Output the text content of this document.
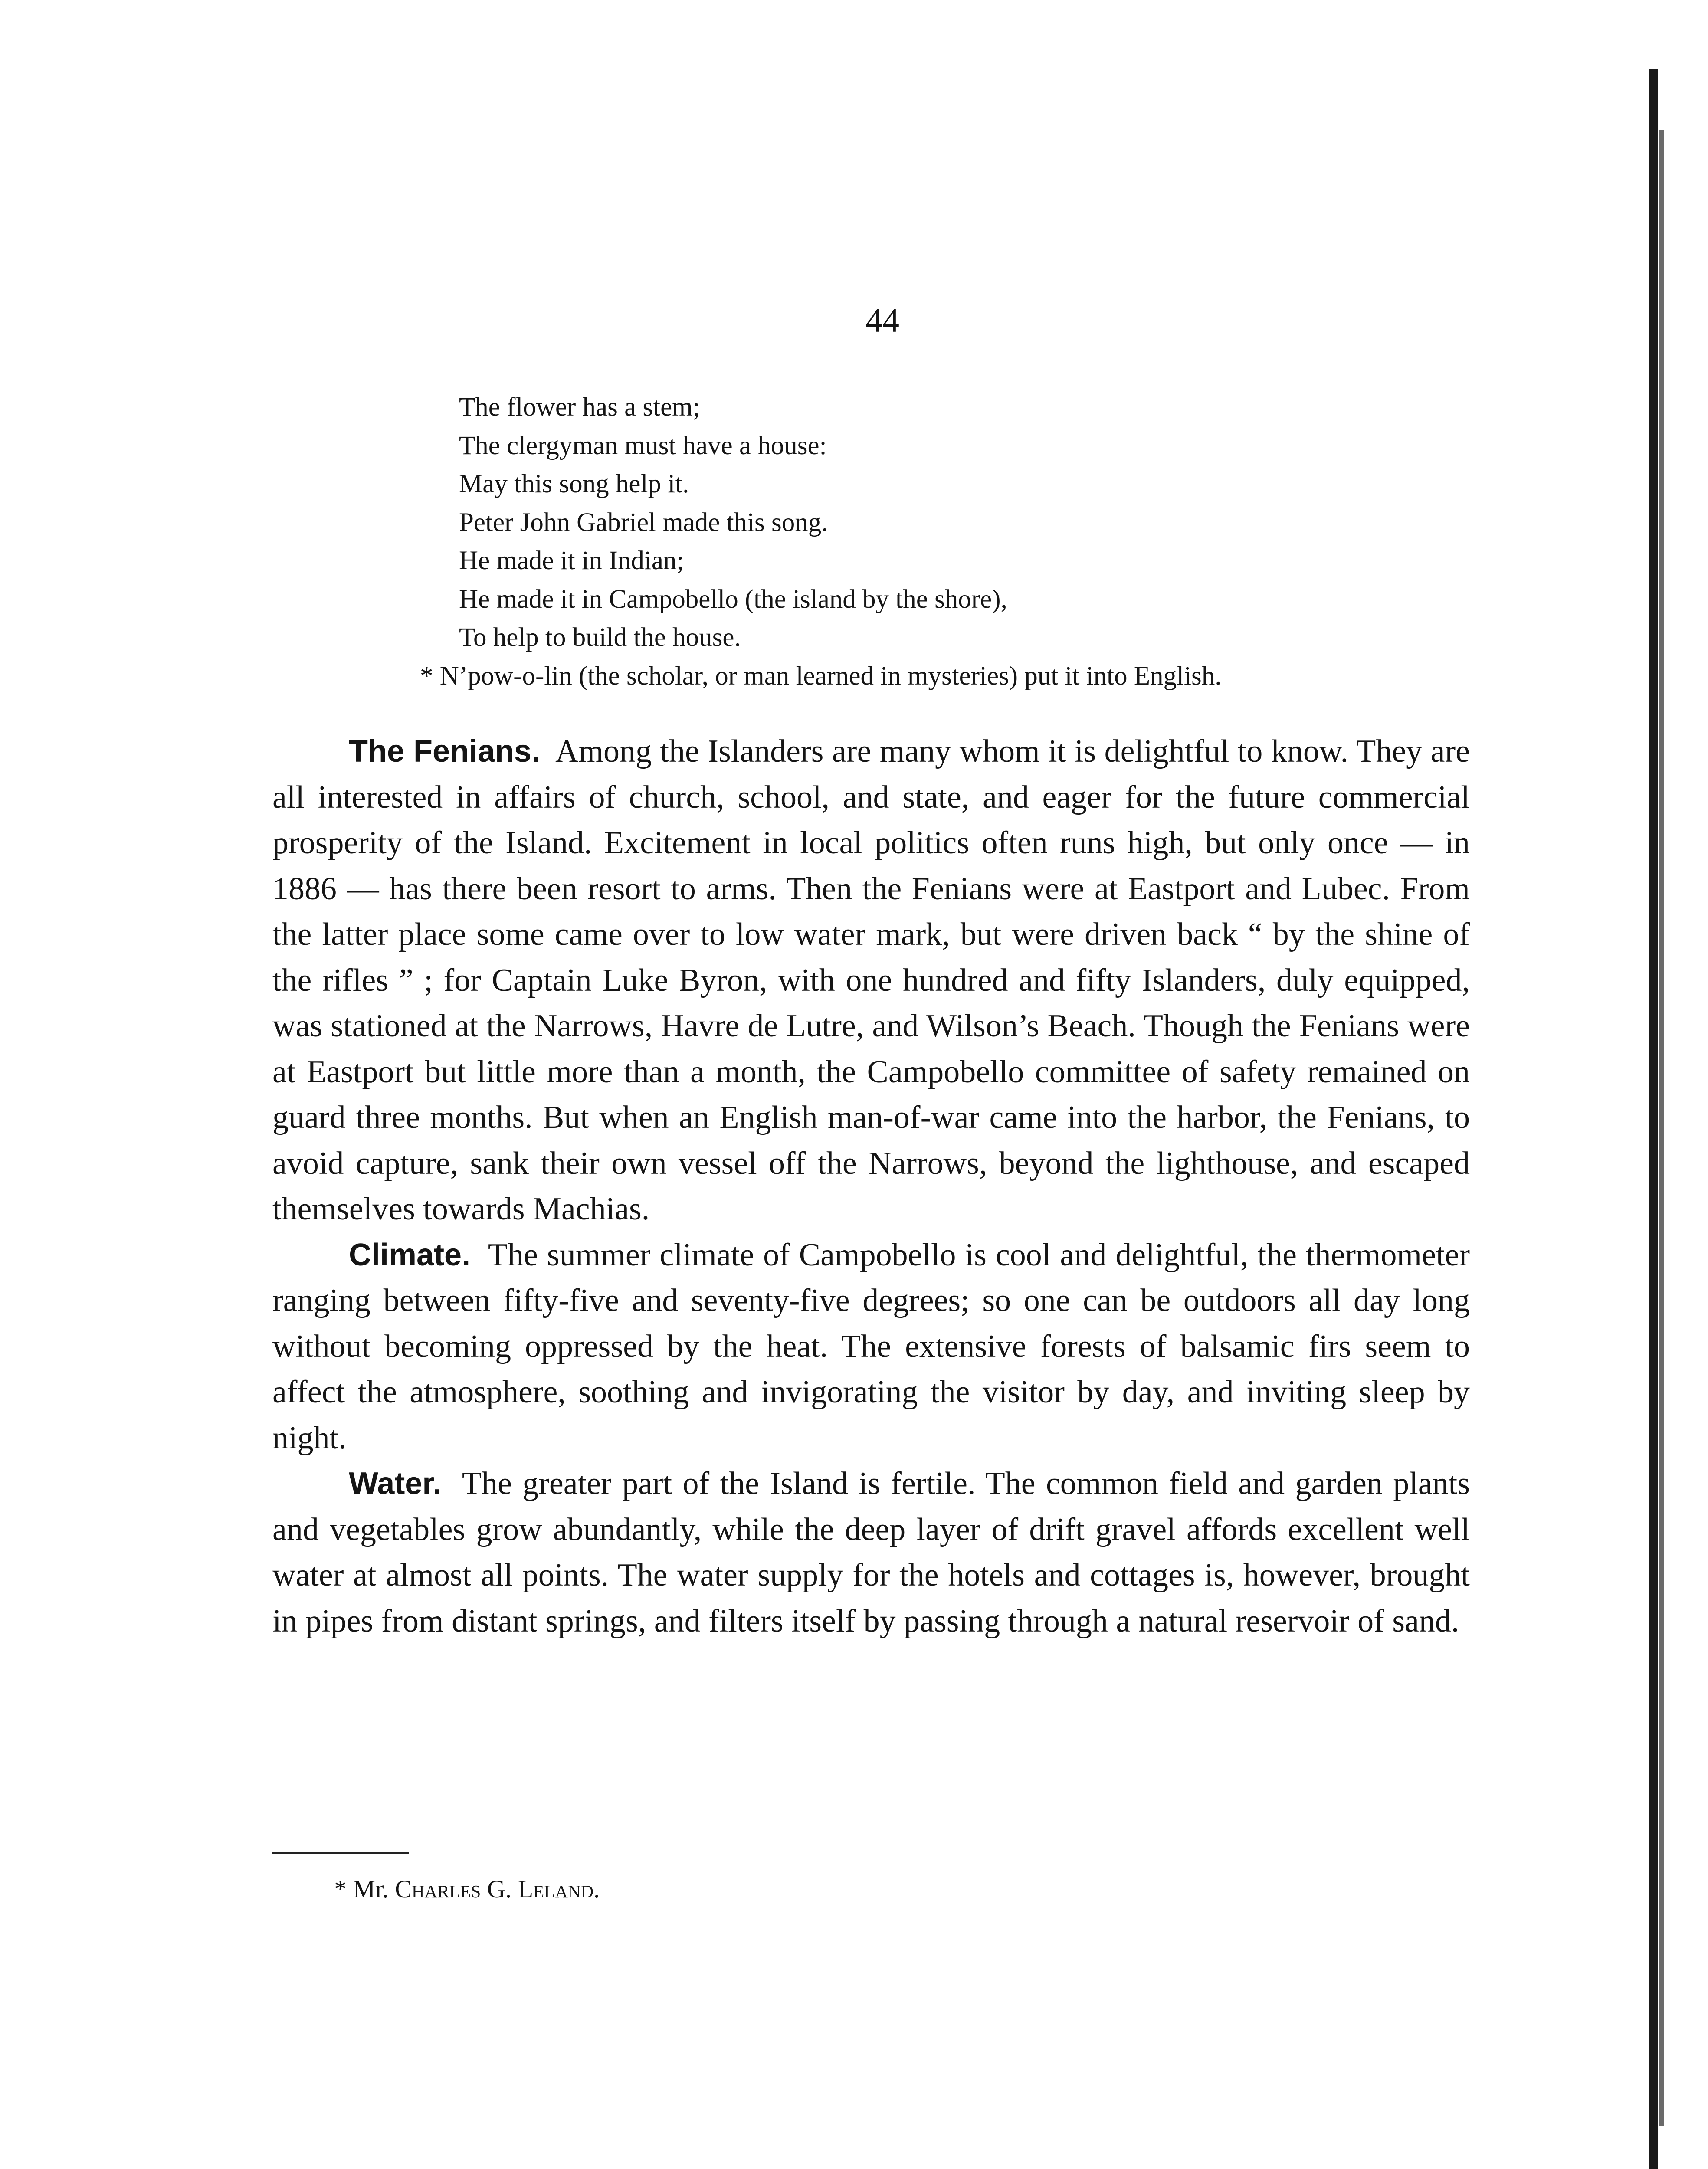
44
The flower has a stem;
The clergyman must have a house:
May this song help it.
Peter John Gabriel made this song.
He made it in Indian;
He made it in Campobello (the island by the shore),
To help to build the house.
* N’pow-o-lin (the scholar, or man learned in mysteries) put it into English.

The Fenians. Among the Islanders are many whom it is delightful to know. They are all interested in affairs of church, school, and state, and eager for the future commercial prosperity of the Island. Excitement in local politics often runs high, but only once — in 1886 — has there been resort to arms. Then the Fenians were at Eastport and Lubec. From the latter place some came over to low water mark, but were driven back “ by the shine of the rifles ” ; for Captain Luke Byron, with one hundred and fifty Islanders, duly equipped, was stationed at the Narrows, Havre de Lutre, and Wilson’s Beach. Though the Fenians were at Eastport but little more than a month, the Campobello committee of safety remained on guard three months. But when an English man-of-war came into the harbor, the Fenians, to avoid capture, sank their own vessel off the Narrows, beyond the lighthouse, and escaped themselves towards Machias.

Climate. The summer climate of Campobello is cool and delightful, the thermometer ranging between fifty-five and seventy-five degrees; so one can be outdoors all day long without becoming oppressed by the heat. The extensive forests of balsamic firs seem to affect the atmosphere, soothing and invigorating the visitor by day, and inviting sleep by night.

Water. The greater part of the Island is fertile. The common field and garden plants and vegetables grow abundantly, while the deep layer of drift gravel affords excellent well water at almost all points. The water supply for the hotels and cottages is, however, brought in pipes from distant springs, and filters itself by passing through a natural reservoir of sand.

* Mr. Charles G. Leland.
